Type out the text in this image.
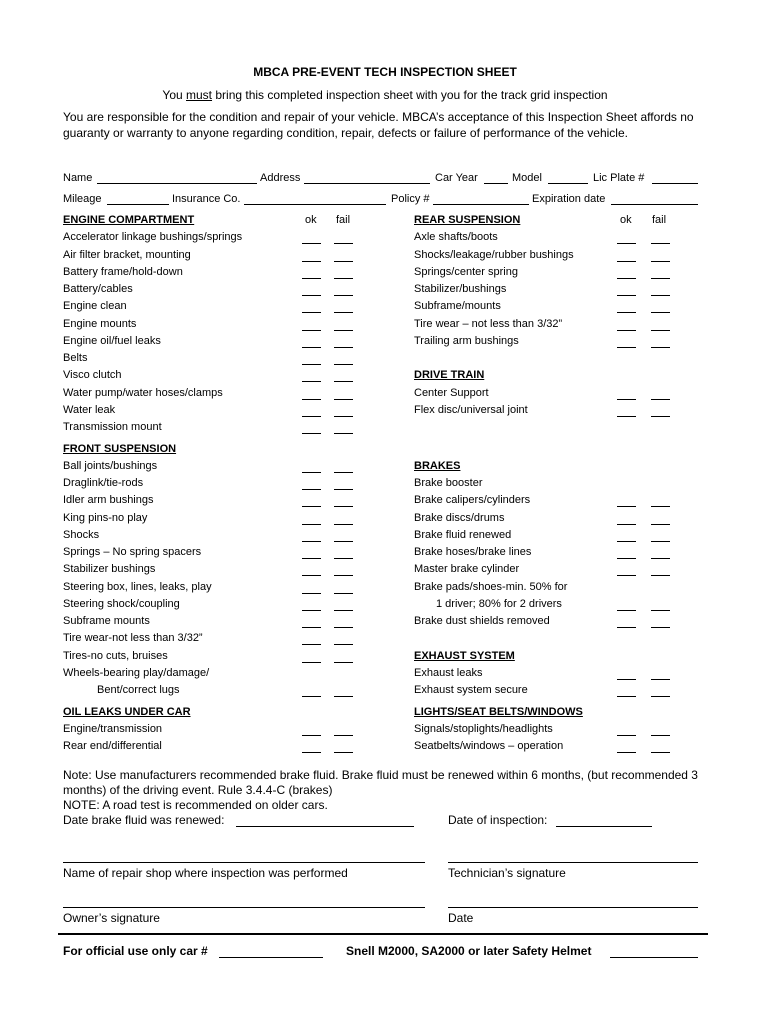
MBCA PRE-EVENT TECH INSPECTION SHEET
You must bring this completed inspection sheet with you for the track grid inspection
You are responsible for the condition and repair of your vehicle. MBCA’s acceptance of this Inspection Sheet affords no guaranty or warranty to anyone regarding condition, repair, defects or failure of performance of the vehicle.
Name	Address	Car Year	Model	Lic Plate #
Mileage	Insurance Co.	Policy #	Expiration date
ok fail	ok fail
ENGINE COMPARTMENT
Accelerator linkage bushings/springs
Air filter bracket, mounting
Battery frame/hold-down
Battery/cables
Engine clean
Engine mounts
Engine oil/fuel leaks
Belts
Visco clutch
Water pump/water hoses/clamps
Water leak
Transmission mount
FRONT SUSPENSION
Ball joints/bushings
Draglink/tie-rods
Idler arm bushings
King pins-no play
Shocks
Springs – No spring spacers
Stabilizer bushings
Steering box, lines, leaks, play
Steering shock/coupling
Subframe mounts
Tire wear-not less than 3/32”
Tires-no cuts, bruises
Wheels-bearing play/damage/
Bent/correct lugs
OIL LEAKS UNDER CAR
Engine/transmission
Rear end/differential
REAR SUSPENSION
Axle shafts/boots
Shocks/leakage/rubber bushings
Springs/center spring
Stabilizer/bushings
Subframe/mounts
Tire wear – not less than 3/32”
Trailing arm bushings
DRIVE TRAIN
Center Support
Flex disc/universal joint
BRAKES
Brake booster
Brake calipers/cylinders
Brake discs/drums
Brake fluid renewed
Brake hoses/brake lines
Master brake cylinder
Brake pads/shoes-min. 50% for
1 driver; 80% for 2 drivers
Brake dust shields removed
EXHAUST SYSTEM
Exhaust leaks
Exhaust system secure
LIGHTS/SEAT BELTS/WINDOWS
Signals/stoplights/headlights
Seatbelts/windows – operation
Note: Use manufacturers recommended brake fluid. Brake fluid must be renewed within 6 months, (but recommended 3 months) of the driving event. Rule 3.4.4-C (brakes)
NOTE: A road test is recommended on older cars.
Date brake fluid was renewed:	Date of inspection:
Name of repair shop where inspection was performed	Technician’s signature
Owner’s signature	Date
For official use only car #	Snell M2000, SA2000 or later Safety Helmet
